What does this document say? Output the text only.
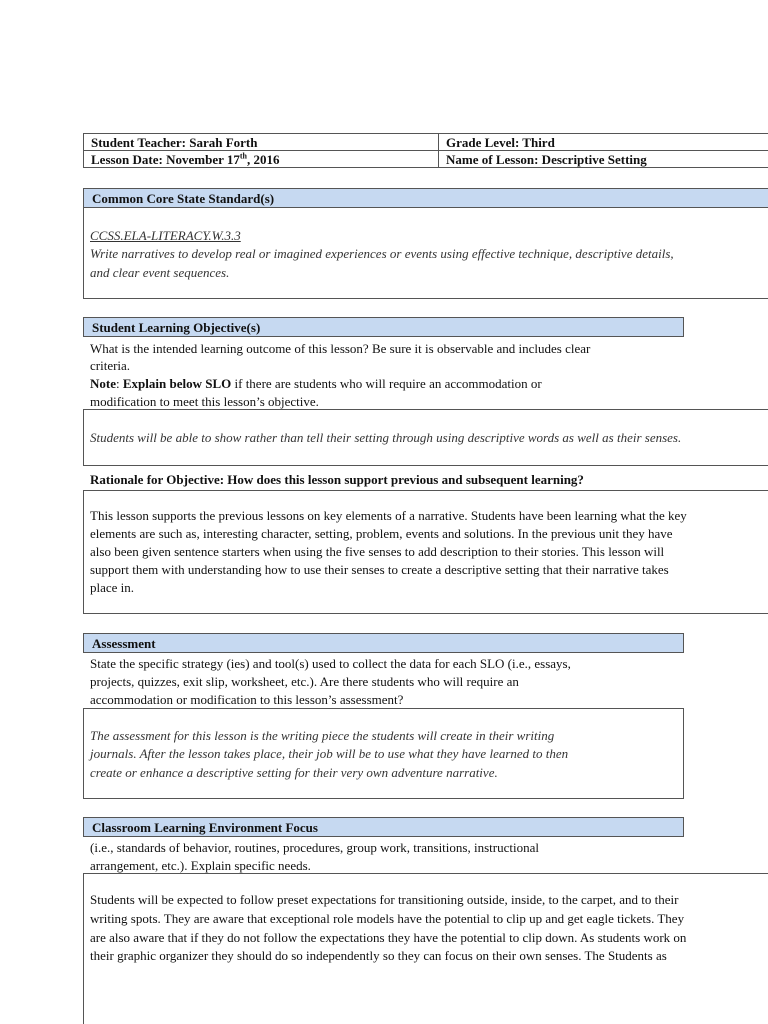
Student Teacher: Sarah Forth	Grade Level: Third
Lesson Date: November 17th, 2016	Name of Lesson: Descriptive Setting
Common Core State Standard(s)
CCSS.ELA-LITERACY.W.3.3
Write narratives to develop real or imagined experiences or events using effective technique, descriptive details,
and clear event sequences.
Student Learning Objective(s)
What is the intended learning outcome of this lesson? Be sure it is observable and includes clear
criteria.
Note: Explain below SLO if there are students who will require an accommodation or
modification to meet this lesson’s objective.
Students will be able to show rather than tell their setting through using descriptive words as well as their senses.
Rationale for Objective: How does this lesson support previous and subsequent learning?
This lesson supports the previous lessons on key elements of a narrative. Students have been learning what the key
elements are such as, interesting character, setting, problem, events and solutions. In the previous unit they have
also been given sentence starters when using the five senses to add description to their stories. This lesson will
support them with understanding how to use their senses to create a descriptive setting that their narrative takes
place in.
Assessment
State the specific strategy (ies) and tool(s) used to collect the data for each SLO (i.e., essays,
projects, quizzes, exit slip, worksheet, etc.). Are there students who will require an
accommodation or modification to this lesson’s assessment?
The assessment for this lesson is the writing piece the students will create in their writing
journals. After the lesson takes place, their job will be to use what they have learned to then
create or enhance a descriptive setting for their very own adventure narrative.
Classroom Learning Environment Focus
(i.e., standards of behavior, routines, procedures, group work, transitions, instructional
arrangement, etc.). Explain specific needs.
Students will be expected to follow preset expectations for transitioning outside, inside, to the carpet, and to their
writing spots. They are aware that exceptional role models have the potential to clip up and get eagle tickets. They
are also aware that if they do not follow the expectations they have the potential to clip down. As students work on
their graphic organizer they should do so independently so they can focus on their own senses. The Students as
